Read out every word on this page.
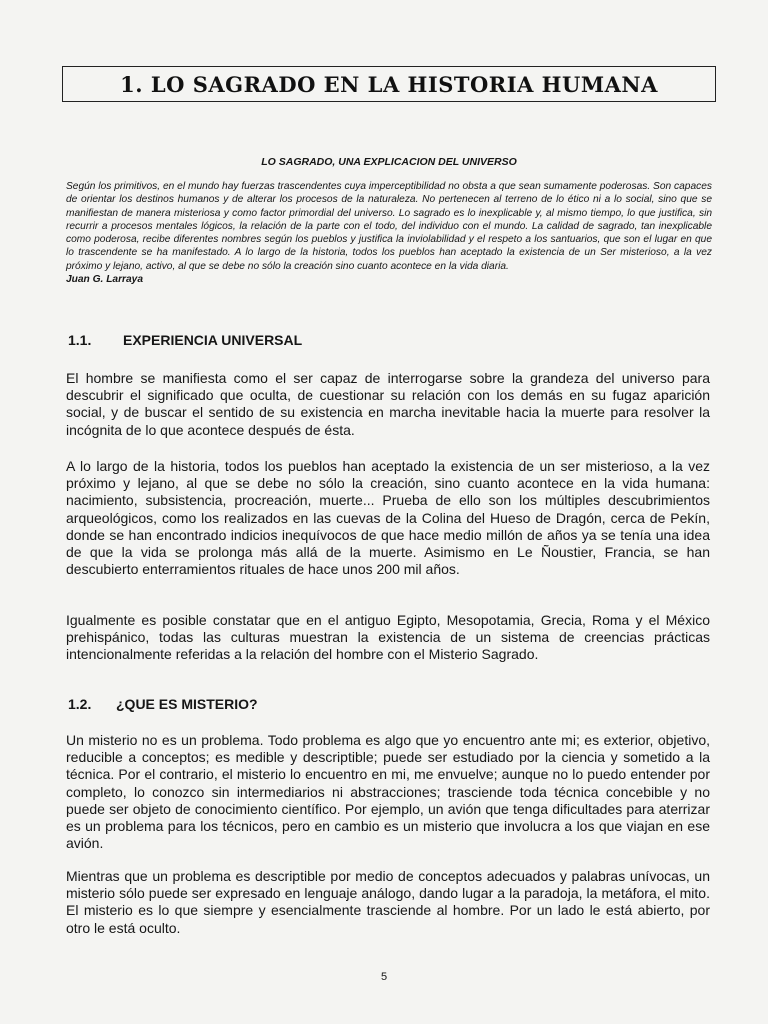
1. LO SAGRADO EN LA HISTORIA HUMANA
LO SAGRADO, UNA EXPLICACION DEL UNIVERSO
Según los primitivos, en el mundo hay fuerzas trascendentes cuya imperceptibilidad no obsta a que sean sumamente poderosas. Son capaces de orientar los destinos humanos y de alterar los procesos de la naturaleza. No pertenecen al terreno de lo ético ni a lo social, sino que se manifiestan de manera misteriosa y como factor primordial del universo. Lo sagrado es lo inexplicable y, al mismo tiempo, lo que justifica, sin recurrir a procesos mentales lógicos, la relación de la parte con el todo, del individuo con el mundo. La calidad de sagrado, tan inexplicable como poderosa, recibe diferentes nombres según los pueblos y justifica la inviolabilidad y el respeto a los santuarios, que son el lugar en que lo trascendente se ha manifestado. A lo largo de la historia, todos los pueblos han aceptado la existencia de un Ser misterioso, a la vez próximo y lejano, activo, al que se debe no sólo la creación sino cuanto acontece en la vida diaria.
Juan G. Larraya
1.1.	EXPERIENCIA UNIVERSAL

El hombre se manifiesta como el ser capaz de interrogarse sobre la grandeza del universo para descubrir el significado que oculta, de cuestionar su relación con los demás en su fugaz aparición social, y de buscar el sentido de su existencia en marcha inevitable hacia la muerte para resolver la incógnita de lo que acontece después de ésta.

A lo largo de la historia, todos los pueblos han aceptado la existencia de un ser misterioso, a la vez próximo y lejano, al que se debe no sólo la creación, sino cuanto acontece en la vida humana: nacimiento, subsistencia, procreación, muerte... Prueba de ello son los múltiples descubrimientos arqueológicos, como los realizados en las cuevas de la Colina del Hueso de Dragón, cerca de Pekín, donde se han encontrado indicios inequívocos de que hace medio millón de años ya se tenía una idea de que la vida se prolonga más allá de la muerte. Asimismo en Le Ñoustier, Francia, se han descubierto enterramientos rituales de hace unos 200 mil años.

Igualmente es posible constatar que en el antiguo Egipto, Mesopotamia, Grecia, Roma y el México prehispánico, todas las culturas muestran la existencia de un sistema de creencias prácticas intencionalmente referidas a la relación del hombre con el Misterio Sagrado.

1.2.	¿QUE ES MISTERIO?

Un misterio no es un problema. Todo problema es algo que yo encuentro ante mi; es exterior, objetivo, reducible a conceptos; es medible y descriptible; puede ser estudiado por la ciencia y sometido a la técnica. Por el contrario, el misterio lo encuentro en mi, me envuelve; aunque no lo puedo entender por completo, lo conozco sin intermediarios ni abstracciones; trasciende toda técnica concebible y no puede ser objeto de conocimiento científico. Por ejemplo, un avión que tenga dificultades para aterrizar es un problema para los técnicos, pero en cambio es un misterio que involucra a los que viajan en ese avión.

Mientras que un problema es descriptible por medio de conceptos adecuados y palabras unívocas, un misterio sólo puede ser expresado en lenguaje análogo, dando lugar a la paradoja, la metáfora, el mito. El misterio es lo que siempre y esencialmente trasciende al hombre. Por un lado le está abierto, por otro le está oculto.

5
